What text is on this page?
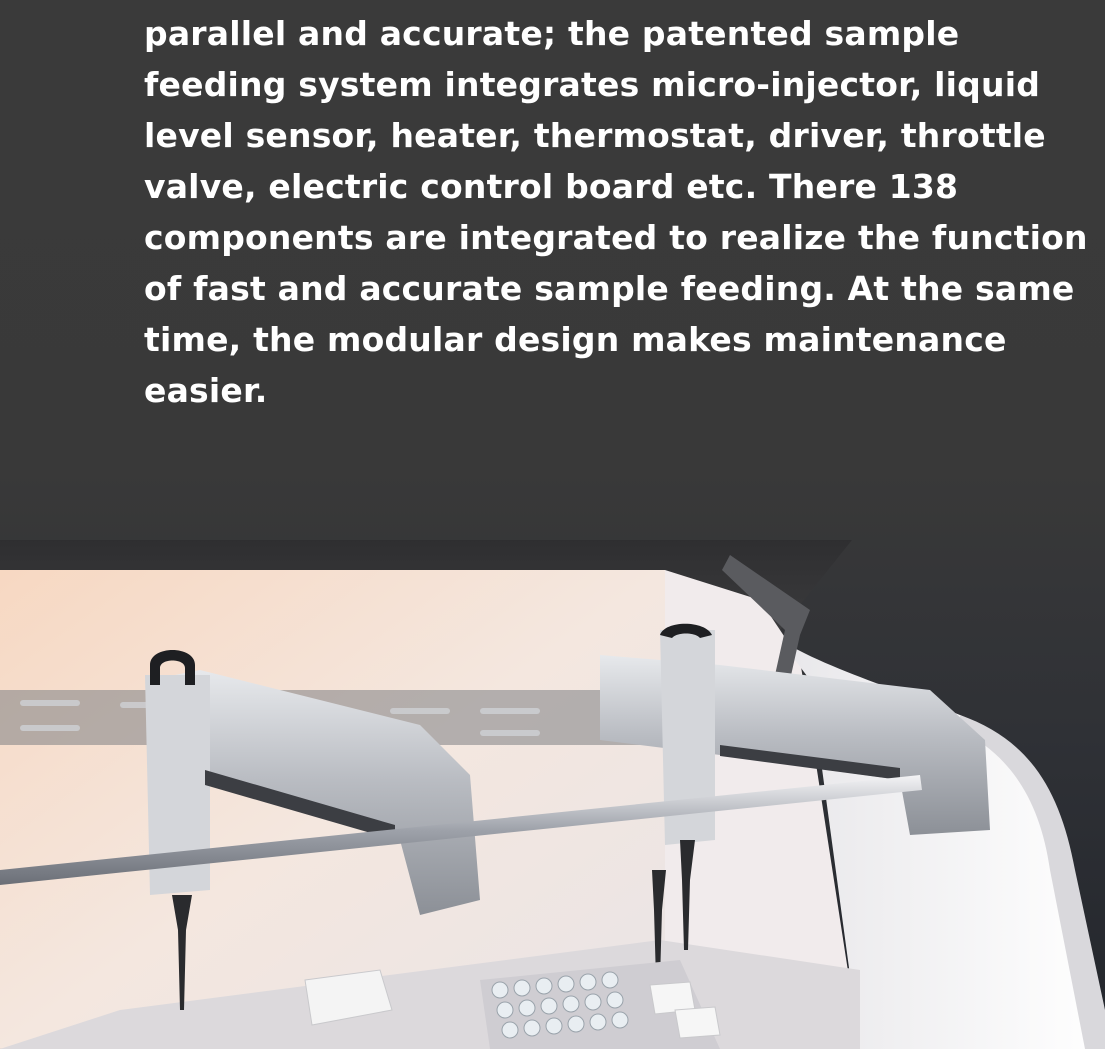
parallel and accurate; the patented sample
feeding system integrates micro-injector, liquid
level sensor, heater, thermostat, driver, throttle
valve, electric control board etc. There 138
components are integrated to realize the function
of fast and accurate sample feeding. At the same
time, the modular design makes maintenance
easier.
